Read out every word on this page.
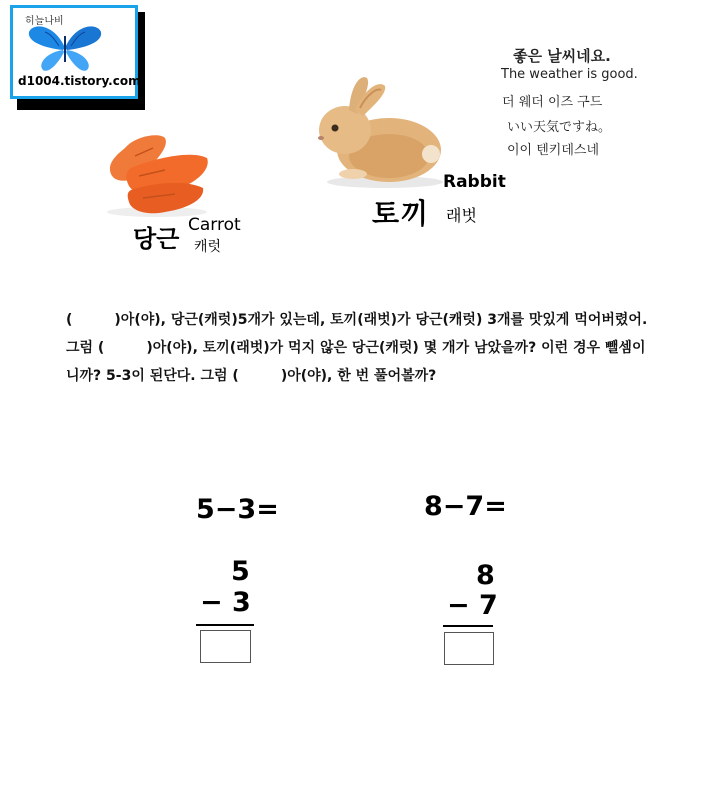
히늘나비
d1004.tistory.com
좋은 날씨네요.
The weather is good.
더 웨더 이즈 구드
いい天気ですね。
이이 텐키데스네
Rabbit
토끼 래벗
Carrot
당근 캐럿
(　　　)아(야), 당근(캐럿)5개가 있는데, 토끼(래벗)가 당근(캐럿) 3개를 맛있게 먹어버렸어. 그럼 (　　　)아(야), 토끼(래벗)가 먹지 않은 당근(캐럿) 몇 개가 남았을까? 이런 경우 뺄셈이니까? 5-3이 된단다. 그럼 (　　　)아(야), 한 번 풀어볼까?
5−3=
5
− 3
8−7=
8
− 7
